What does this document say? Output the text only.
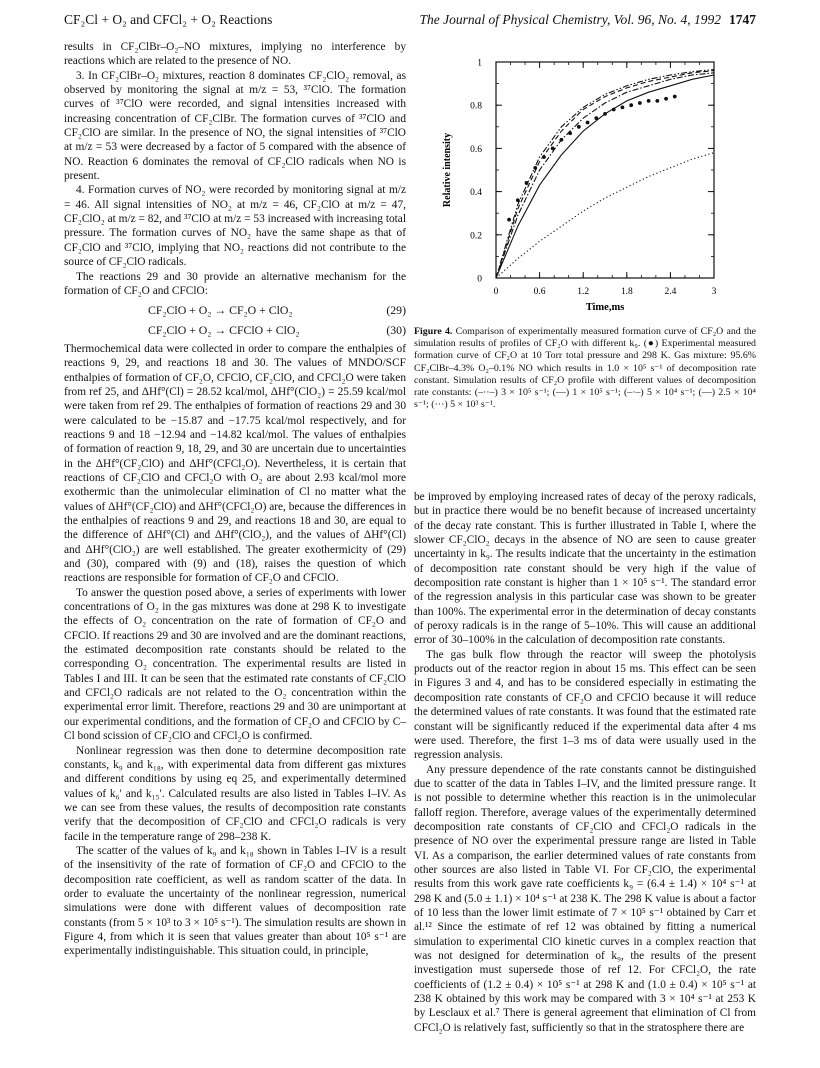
CF₂Cl + O₂ and CFCl₂ + O₂ Reactions	The Journal of Physical Chemistry, Vol. 96, No. 4, 1992 1747

results in CF₂ClBr–O₂–NO mixtures, implying no interference by reactions which are related to the presence of NO.

3. In CF₂ClBr–O₂ mixtures, reaction 8 dominates CF₂ClO₂ removal, as observed by monitoring the signal at m/z = 53, ³⁷ClO. The formation curves of ³⁷ClO were recorded, and signal intensities increased with increasing concentration of CF₂ClBr. The formation curves of ³⁷ClO and CF₂ClO are similar. In the presence of NO, the signal intensities of ³⁷ClO at m/z = 53 were decreased by a factor of 5 compared with the absence of NO. Reaction 6 dominates the removal of CF₂ClO radicals when NO is present.

4. Formation curves of NO₂ were recorded by monitoring signal at m/z = 46. All signal intensities of NO₂ at m/z = 46, CF₂ClO at m/z = 47, CF₂ClO₂ at m/z = 82, and ³⁷ClO at m/z = 53 increased with increasing total pressure. The formation curves of NO₂ have the same shape as that of CF₂ClO and ³⁷ClO, implying that NO₂ reactions did not contribute to the source of CF₂ClO radicals.

The reactions 29 and 30 provide an alternative mechanism for the formation of CF₂O and CFClO:

CF₂ClO + O₂ → CF₂O + ClO₂	(29)
CF₂ClO + O₂ → CFClO + ClO₂	(30)

Thermochemical data were collected in order to compare the enthalpies of reactions 9, 29, and reactions 18 and 30. The values of MNDO/SCF enthalpies of formation of CF₂O, CFClO, CF₂ClO, and CFCl₂O were taken from ref 25, and ΔHf°(Cl) = 28.52 kcal/mol, ΔHf°(ClO₂) = 25.59 kcal/mol were taken from ref 29. The enthalpies of formation of reactions 29 and 30 were calculated to be −15.87 and −17.75 kcal/mol respectively, and for reactions 9 and 18 −12.94 and −14.82 kcal/mol. The values of enthalpies of formation of reaction 9, 18, 29, and 30 are uncertain due to uncertainties in the ΔHf°(CF₂ClO) and ΔHf°(CFCl₂O). Nevertheless, it is certain that reactions of CF₂ClO and CFCl₂O with O₂ are about 2.93 kcal/mol more exothermic than the unimolecular elimination of Cl no matter what the values of ΔHf°(CF₂ClO) and ΔHf°(CFCl₂O) are, because the differences in the enthalpies of reactions 9 and 29, and reactions 18 and 30, are equal to the difference of ΔHf°(Cl) and ΔHf°(ClO₂), and the values of ΔHf°(Cl) and ΔHf°(ClO₂) are well established. The greater exothermicity of (29) and (30), compared with (9) and (18), raises the question of which reactions are responsible for formation of CF₂O and CFClO.

To answer the question posed above, a series of experiments with lower concentrations of O₂ in the gas mixtures was done at 298 K to investigate the effects of O₂ concentration on the rate of formation of CF₂O and CFClO. If reactions 29 and 30 are involved and are the dominant reactions, the estimated decomposition rate constants should be related to the corresponding O₂ concentration. The experimental results are listed in Tables I and III. It can be seen that the estimated rate constants of CF₂ClO and CFCl₂O radicals are not related to the O₂ concentration within the experimental error limit. Therefore, reactions 29 and 30 are unimportant at our experimental conditions, and the formation of CF₂O and CFClO by C–Cl bond scission of CF₂ClO and CFCl₂O is confirmed.

Nonlinear regression was then done to determine decomposition rate constants, k₉ and k₁₈, with experimental data from different gas mixtures and different conditions by using eq 25, and experimentally determined values of k₆′ and k₁₅′. Calculated results are also listed in Tables I–IV. As we can see from these values, the results of decomposition rate constants verify that the decomposition of CF₂ClO and CFCl₂O radicals is very facile in the temperature range of 298–238 K.

The scatter of the values of k₉ and k₁₈ shown in Tables I–IV is a result of the insensitivity of the rate of formation of CF₂O and CFClO to the decomposition rate coefficient, as well as random scatter of the data. In order to evaluate the uncertainty of the nonlinear regression, numerical simulations were done with different values of decomposition rate constants (from 5 × 10³ to 3 × 10⁵ s⁻¹). The simulation results are shown in Figure 4, from which it is seen that values greater than about 10⁵ s⁻¹ are experimentally indistinguishable. This situation could, in principle,

0	0.6	1.2	1.8	2.4	3
0
0.2
0.4
0.6
0.8
1
Relative intensity
Time,ms
Figure 4. Comparison of experimentally measured formation curve of CF₂O and the simulation results of profiles of CF₂O with different k₉. (●) Experimental measured formation curve of CF₂O at 10 Torr total pressure and 298 K. Gas mixture: 95.6% CF₂ClBr–4.3% O₂–0.1% NO which results in 1.0 × 10⁵ s⁻¹ of decomposition rate constant. Simulation results of CF₂O profile with different values of decomposition rate constants: (–··–) 3 × 10⁵ s⁻¹; (––) 1 × 10⁵ s⁻¹; (–·–) 5 × 10⁴ s⁻¹; (—) 2.5 × 10⁴ s⁻¹; (···) 5 × 10³ s⁻¹.

be improved by employing increased rates of decay of the peroxy radicals, but in practice there would be no benefit because of increased uncertainty of the decay rate constant. This is further illustrated in Table I, where the slower CF₂ClO₂ decays in the absence of NO are seen to cause greater uncertainty in k₉. The results indicate that the uncertainty in the estimation of decomposition rate constant should be very high if the value of decomposition rate constant is higher than 1 × 10⁵ s⁻¹. The standard error of the regression analysis in this particular case was shown to be greater than 100%. The experimental error in the determination of decay constants of peroxy radicals is in the range of 5–10%. This will cause an additional error of 30–100% in the calculation of decomposition rate constants.

The gas bulk flow through the reactor will sweep the photolysis products out of the reactor region in about 15 ms. This effect can be seen in Figures 3 and 4, and has to be considered especially in estimating the decomposition rate constants of CF₂O and CFClO because it will reduce the determined values of rate constants. It was found that the estimated rate constant will be significantly reduced if the experimental data after 4 ms were used. Therefore, the first 1–3 ms of data were usually used in the regression analysis.

Any pressure dependence of the rate constants cannot be distinguished due to scatter of the data in Tables I–IV, and the limited pressure range. It is not possible to determine whether this reaction is in the unimolecular falloff region. Therefore, average values of the experimentally determined decomposition rate constants of CF₂ClO and CFCl₂O radicals in the presence of NO over the experimental pressure range are listed in Table VI. As a comparison, the earlier determined values of rate constants from other sources are also listed in Table VI. For CF₂ClO, the experimental results from this work gave rate coefficients k₉ = (6.4 ± 1.4) × 10⁴ s⁻¹ at 298 K and (5.0 ± 1.1) × 10⁴ s⁻¹ at 238 K. The 298 K value is about a factor of 10 less than the lower limit estimate of 7 × 10⁵ s⁻¹ obtained by Carr et al.¹² Since the estimate of ref 12 was obtained by fitting a numerical simulation to experimental ClO kinetic curves in a complex reaction that was not designed for determination of k₉, the results of the present investigation must supersede those of ref 12. For CFCl₂O, the rate coefficients of (1.2 ± 0.4) × 10⁵ s⁻¹ at 298 K and (1.0 ± 0.4) × 10⁵ s⁻¹ at 238 K obtained by this work may be compared with 3 × 10⁴ s⁻¹ at 253 K by Lesclaux et al.⁷ There is general agreement that elimination of Cl from CFCl₂O is relatively fast, sufficiently so that in the stratosphere there are
